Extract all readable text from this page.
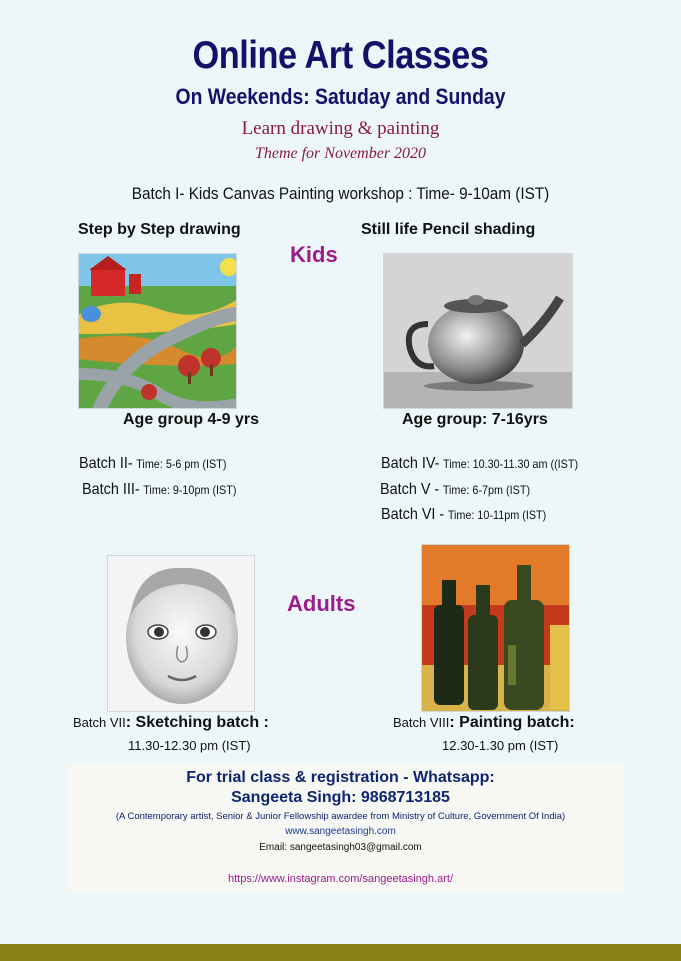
Online Art Classes
On Weekends: Satuday and Sunday
Learn drawing & painting
Theme for November 2020
Batch I- Kids Canvas Painting workshop : Time- 9-10am (IST)
Step by Step drawing	Still life Pencil shading
Kids
Age group 4-9 yrs	Age group: 7-16yrs
Batch II- Time: 5-6 pm (IST)
Batch III- Time: 9-10pm (IST)
Batch IV- Time: 10.30-11.30 am ((IST)
Batch V - Time: 6-7pm (IST)
Batch VI - Time: 10-11pm (IST)
Adults
Batch VII: Sketching batch :
11.30-12.30 pm (IST)
Batch VIII: Painting batch:
12.30-1.30 pm (IST)
For trial class & registration - Whatsapp:
Sangeeta Singh: 9868713185
(A Contemporary artist, Senior & Junior Fellowship awardee from Ministry of Culture, Government Of India)
www.sangeetasingh.com
Email: sangeetasingh03@gmail.com
https://www.instagram.com/sangeetasingh.art/
